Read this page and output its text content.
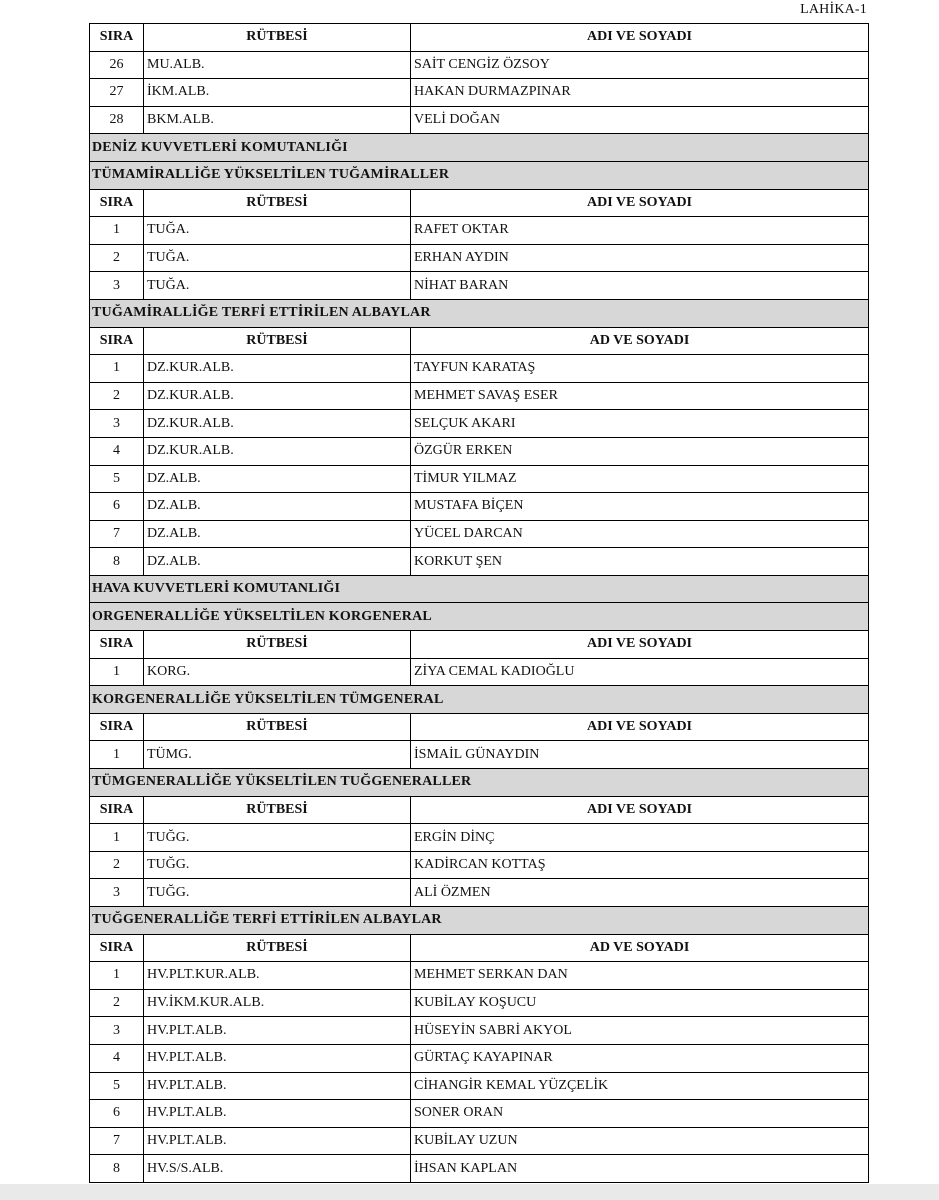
LAHİKA-1
SIRA	RÜTBESİ	ADI VE SOYADI
26	MU.ALB.	SAİT CENGİZ ÖZSOY
27	İKM.ALB.	HAKAN DURMAZPINAR
28	BKM.ALB.	VELİ DOĞAN
DENİZ KUVVETLERİ KOMUTANLIĞI		
TÜMAMİRALLİĞE YÜKSELTİLEN TUĞAMİRALLER		
SIRA	RÜTBESİ	ADI VE SOYADI
1	TUĞA.	RAFET OKTAR
2	TUĞA.	ERHAN AYDIN
3	TUĞA.	NİHAT BARAN
TUĞAMİRALLİĞE TERFİ ETTİRİLEN ALBAYLAR		
SIRA	RÜTBESİ	AD VE SOYADI
1	DZ.KUR.ALB.	TAYFUN KARATAŞ
2	DZ.KUR.ALB.	MEHMET SAVAŞ ESER
3	DZ.KUR.ALB.	SELÇUK AKARI
4	DZ.KUR.ALB.	ÖZGÜR ERKEN
5	DZ.ALB.	TİMUR YILMAZ
6	DZ.ALB.	MUSTAFA BİÇEN
7	DZ.ALB.	YÜCEL DARCAN
8	DZ.ALB.	KORKUT ŞEN
HAVA KUVVETLERİ KOMUTANLIĞI		
ORGENERALLİĞE YÜKSELTİLEN KORGENERAL		
SIRA	RÜTBESİ	ADI VE SOYADI
1	KORG.	ZİYA CEMAL KADIOĞLU
KORGENERALLİĞE YÜKSELTİLEN TÜMGENERAL		
SIRA	RÜTBESİ	ADI VE SOYADI
1	TÜMG.	İSMAİL GÜNAYDIN
TÜMGENERALLİĞE YÜKSELTİLEN TUĞGENERALLER		
SIRA	RÜTBESİ	ADI VE SOYADI
1	TUĞG.	ERGİN DİNÇ
2	TUĞG.	KADİRCAN KOTTAŞ
3	TUĞG.	ALİ ÖZMEN
TUĞGENERALLİĞE TERFİ ETTİRİLEN ALBAYLAR		
SIRA	RÜTBESİ	AD VE SOYADI
1	HV.PLT.KUR.ALB.	MEHMET SERKAN DAN
2	HV.İKM.KUR.ALB.	KUBİLAY KOŞUCU
3	HV.PLT.ALB.	HÜSEYİN SABRİ AKYOL
4	HV.PLT.ALB.	GÜRTAÇ KAYAPINAR
5	HV.PLT.ALB.	CİHANGİR KEMAL YÜZÇELİK
6	HV.PLT.ALB.	SONER ORAN
7	HV.PLT.ALB.	KUBİLAY UZUN
8	HV.S/S.ALB.	İHSAN KAPLAN
